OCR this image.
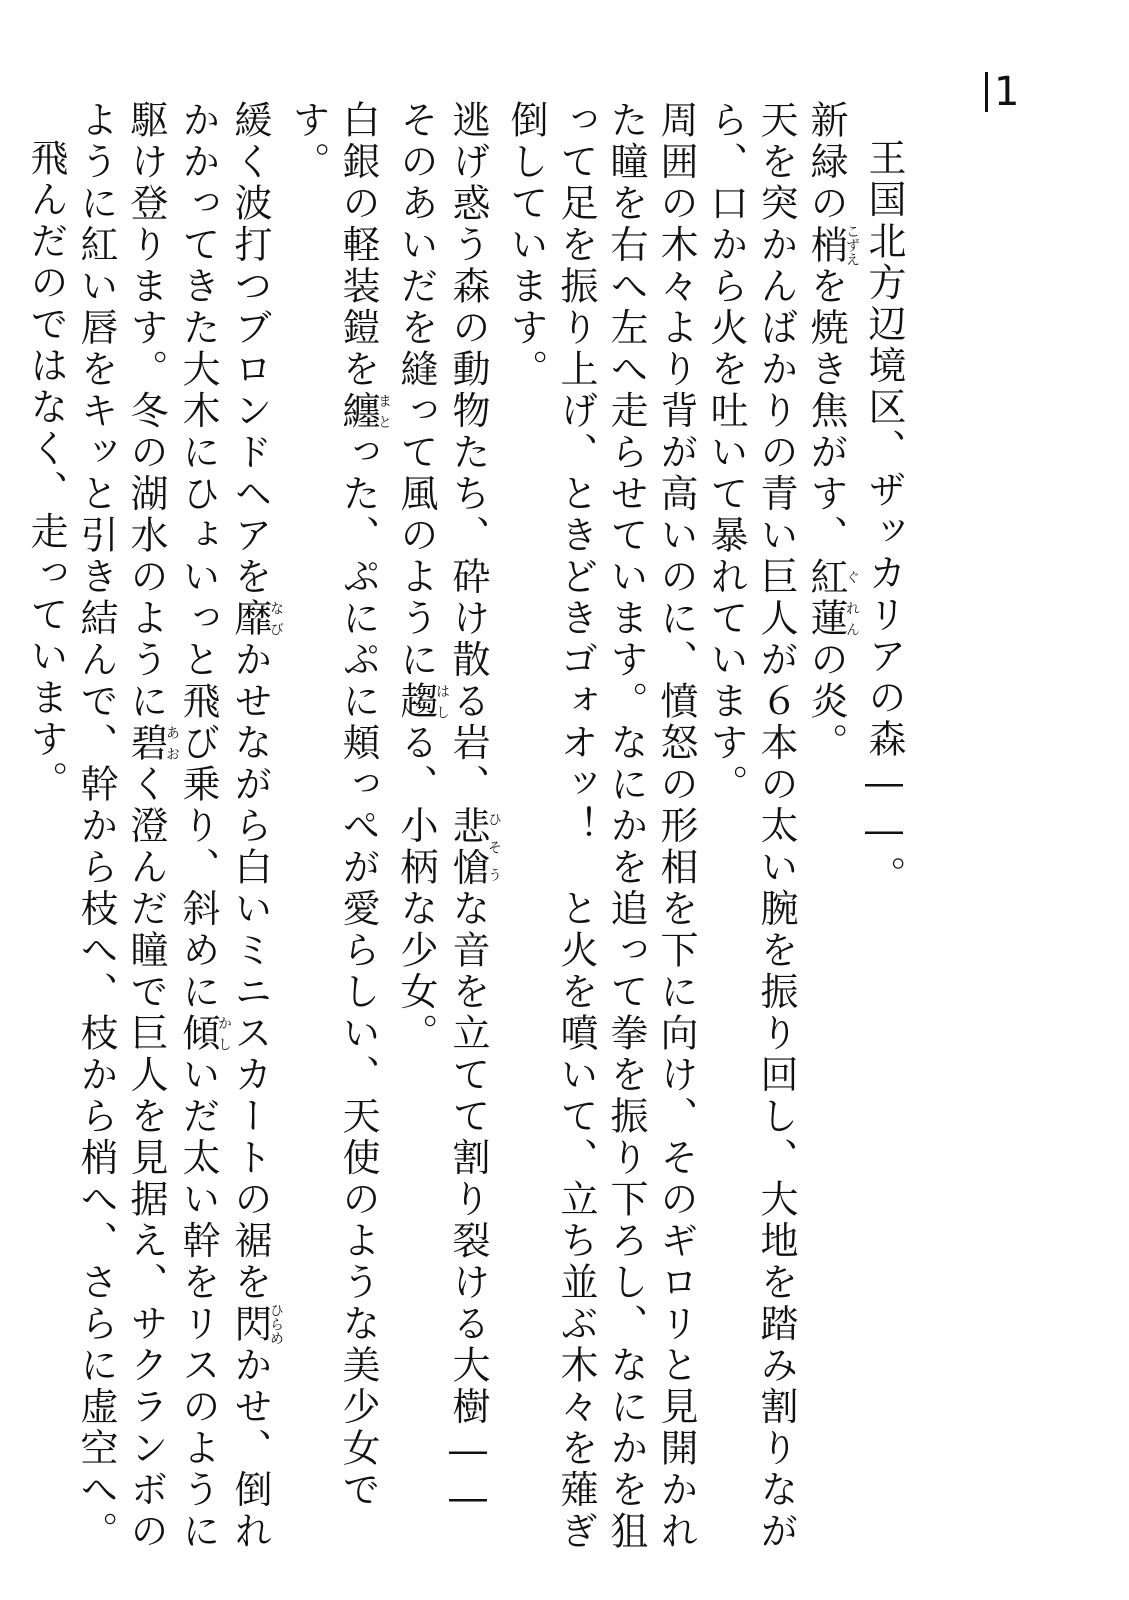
1

王国北方辺境区、ザッカリアの森――。

新緑の梢こずえを焼き焦がす、紅ぐ蓮れんの炎。

天を突かんばかりの青い巨人が６本の太い腕を振り回し、大地を踏み割りながら、口から火を吐いて暴れています。

周囲の木々より背が高いのに、憤怒の形相を下に向け、そのギロリと見開かれた瞳を右へ左へ走らせています。なにかを追って拳を振り下ろし、なにかを狙って足を振り上げ、ときどきゴォオッ！　と火を噴いて、立ち並ぶ木々を薙ぎ倒しています。

逃げ惑う森の動物たち、砕け散る岩、悲愴ひそうな音を立てて割り裂ける大樹――そのあいだを縫って風のように趨はしる、小柄な少女。

白銀の軽装鎧を纏まとった、ぷにぷに頬っぺが愛らしい、天使のような美少女です。

緩く波打つブロンドヘアを靡なびかせながら白いミニスカートの裾を閃ひらめかせ、倒れかかってきた大木にひょいっと飛び乗り、斜めに傾かしいだ太い幹をリスのように駆け登ります。冬の湖水のように碧あおく澄んだ瞳で巨人を見据え、サクランボのように紅い唇をキッと引き結んで、幹から枝へ、枝から梢へ、さらに虚空へ。

飛んだのではなく、走っています。
